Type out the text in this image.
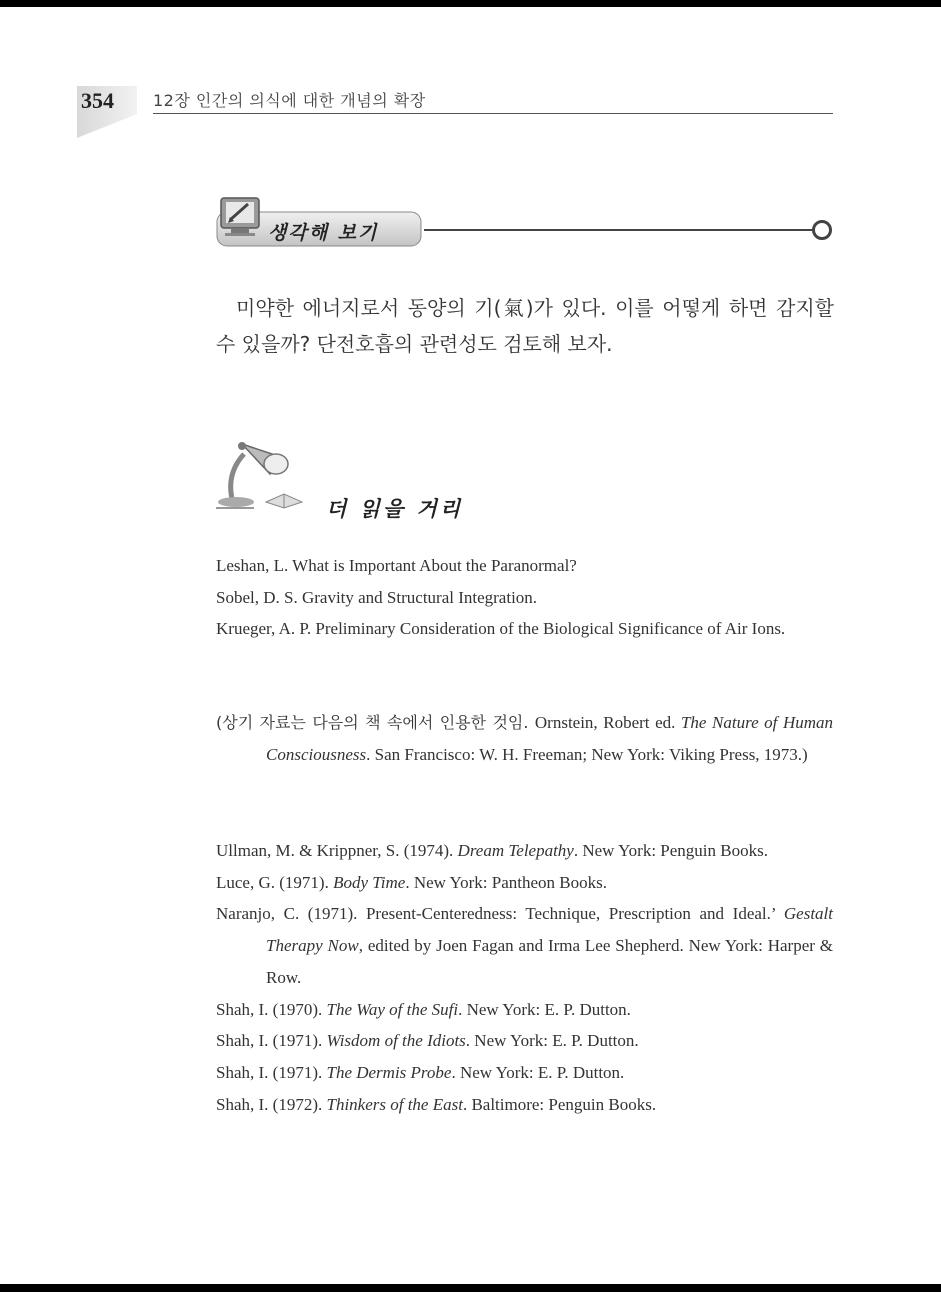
354 12장 인간의 의식에 대한 개념의 확장
생각해 보기

미약한 에너지로서 동양의 기(氣)가 있다. 이를 어떻게 하면 감지할 수 있을까? 단전호흡의 관련성도 검토해 보자.

더 읽을 거리

Leshan, L. What is Important About the Paranormal?

Sobel, D. S. Gravity and Structural Integration.

Krueger, A. P. Preliminary Consideration of the Biological Significance of Air Ions.

(상기 자료는 다음의 책 속에서 인용한 것임. Ornstein, Robert ed. The Nature of Human Consciousness. San Francisco: W. H. Freeman; New York: Viking Press, 1973.)

Ullman, M. & Krippner, S. (1974). Dream Telepathy. New York: Penguin Books.

Luce, G. (1971). Body Time. New York: Pantheon Books.

Naranjo, C. (1971). Present-Centeredness: Technique, Prescription and Ideal.’ Gestalt Therapy Now, edited by Joen Fagan and Irma Lee Shepherd. New York: Harper & Row.

Shah, I. (1970). The Way of the Sufi. New York: E. P. Dutton.

Shah, I. (1971). Wisdom of the Idiots. New York: E. P. Dutton.

Shah, I. (1971). The Dermis Probe. New York: E. P. Dutton.

Shah, I. (1972). Thinkers of the East. Baltimore: Penguin Books.
